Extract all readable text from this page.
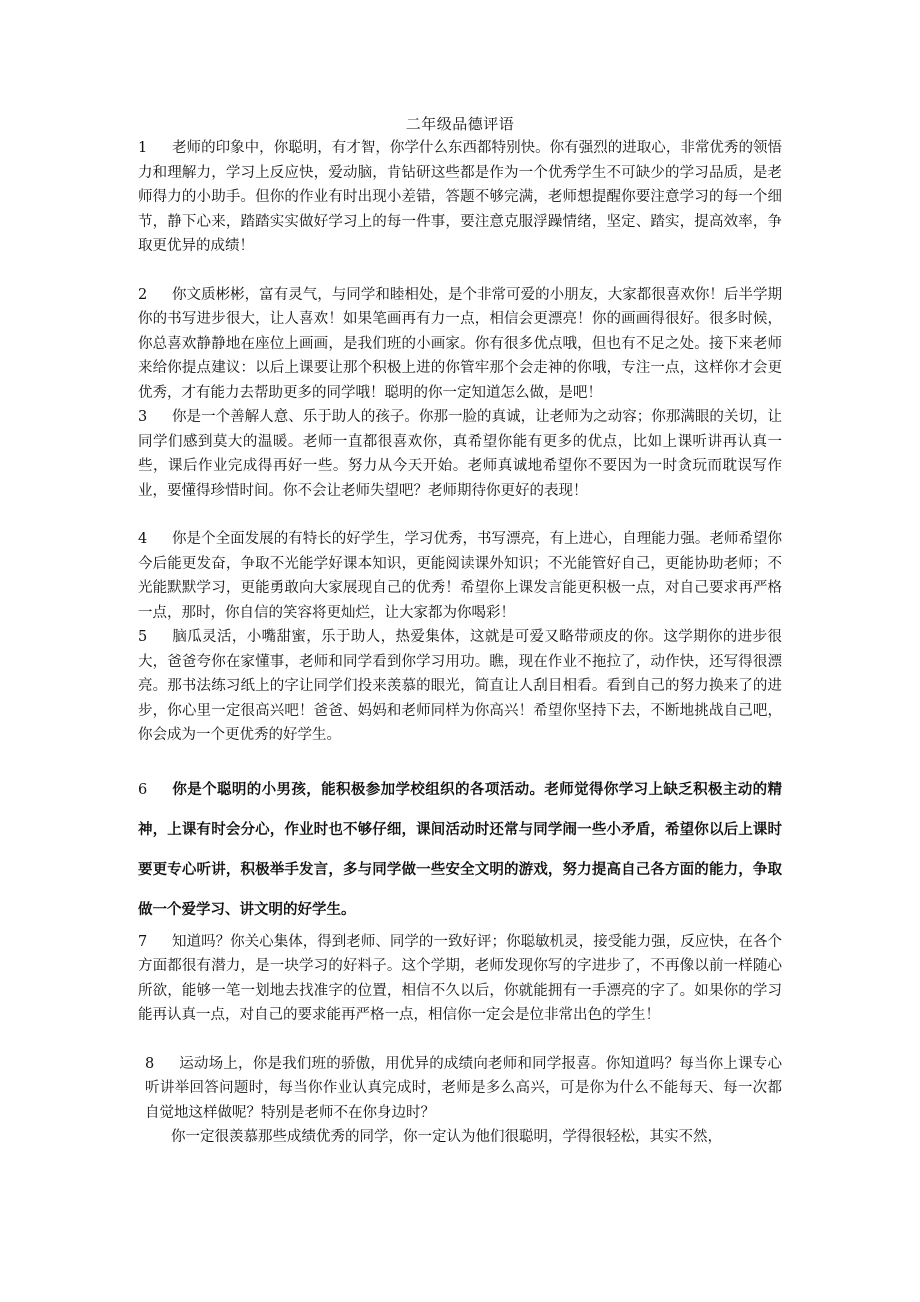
二年级品德评语

1 老师的印象中，你聪明，有才智，你学什么东西都特别快。你有强烈的进取心，非常优秀的领悟力和理解力，学习上反应快，爱动脑，肯钻研这些都是作为一个优秀学生不可缺少的学习品质，是老师得力的小助手。但你的作业有时出现小差错，答题不够完满，老师想提醒你要注意学习的每一个细节，静下心来，踏踏实实做好学习上的每一件事，要注意克服浮躁情绪，坚定、踏实，提高效率，争取更优异的成绩！

2 你文质彬彬，富有灵气，与同学和睦相处，是个非常可爱的小朋友，大家都很喜欢你！后半学期你的书写进步很大，让人喜欢！如果笔画再有力一点，相信会更漂亮！你的画画得很好。很多时候，你总喜欢静静地在座位上画画，是我们班的小画家。你有很多优点哦，但也有不足之处。接下来老师来给你提点建议：以后上课要让那个积极上进的你管牢那个会走神的你哦，专注一点，这样你才会更优秀，才有能力去帮助更多的同学哦！聪明的你一定知道怎么做，是吧！

3 你是一个善解人意、乐于助人的孩子。你那一脸的真诚，让老师为之动容；你那满眼的关切，让同学们感到莫大的温暖。老师一直都很喜欢你，真希望你能有更多的优点，比如上课听讲再认真一些，课后作业完成得再好一些。努力从今天开始。老师真诚地希望你不要因为一时贪玩而耽误写作业，要懂得珍惜时间。你不会让老师失望吧？老师期待你更好的表现！

4 你是个全面发展的有特长的好学生，学习优秀，书写漂亮，有上进心，自理能力强。老师希望你今后能更发奋，争取不光能学好课本知识，更能阅读课外知识；不光能管好自己，更能协助老师；不光能默默学习，更能勇敢向大家展现自己的优秀！希望你上课发言能更积极一点，对自己要求再严格一点，那时，你自信的笑容将更灿烂，让大家都为你喝彩！

5 脑瓜灵活，小嘴甜蜜，乐于助人，热爱集体，这就是可爱又略带顽皮的你。这学期你的进步很大，爸爸夸你在家懂事，老师和同学看到你学习用功。瞧，现在作业不拖拉了，动作快，还写得很漂亮。那书法练习纸上的字让同学们投来羡慕的眼光，简直让人刮目相看。看到自己的努力换来了的进步，你心里一定很高兴吧！爸爸、妈妈和老师同样为你高兴！希望你坚持下去，不断地挑战自己吧，你会成为一个更优秀的好学生。

6 你是个聪明的小男孩，能积极参加学校组织的各项活动。老师觉得你学习上缺乏积极主动的精神，上课有时会分心，作业时也不够仔细，课间活动时还常与同学闹一些小矛盾，希望你以后上课时要更专心听讲，积极举手发言，多与同学做一些安全文明的游戏，努力提高自己各方面的能力，争取做一个爱学习、讲文明的好学生。

7 知道吗？你关心集体，得到老师、同学的一致好评；你聪敏机灵，接受能力强，反应快，在各个方面都很有潜力，是一块学习的好料子。这个学期，老师发现你写的字进步了，不再像以前一样随心所欲，能够一笔一划地去找准字的位置，相信不久以后，你就能拥有一手漂亮的字了。如果你的学习能再认真一点，对自己的要求能再严格一点，相信你一定会是位非常出色的学生！

8 运动场上，你是我们班的骄傲，用优异的成绩向老师和同学报喜。你知道吗？每当你上课专心听讲举回答问题时，每当你作业认真完成时，老师是多么高兴，可是你为什么不能每天、每一次都自觉地这样做呢？特别是老师不在你身边时？

你一定很羡慕那些成绩优秀的同学，你一定认为他们很聪明，学得很轻松，其实不然，
